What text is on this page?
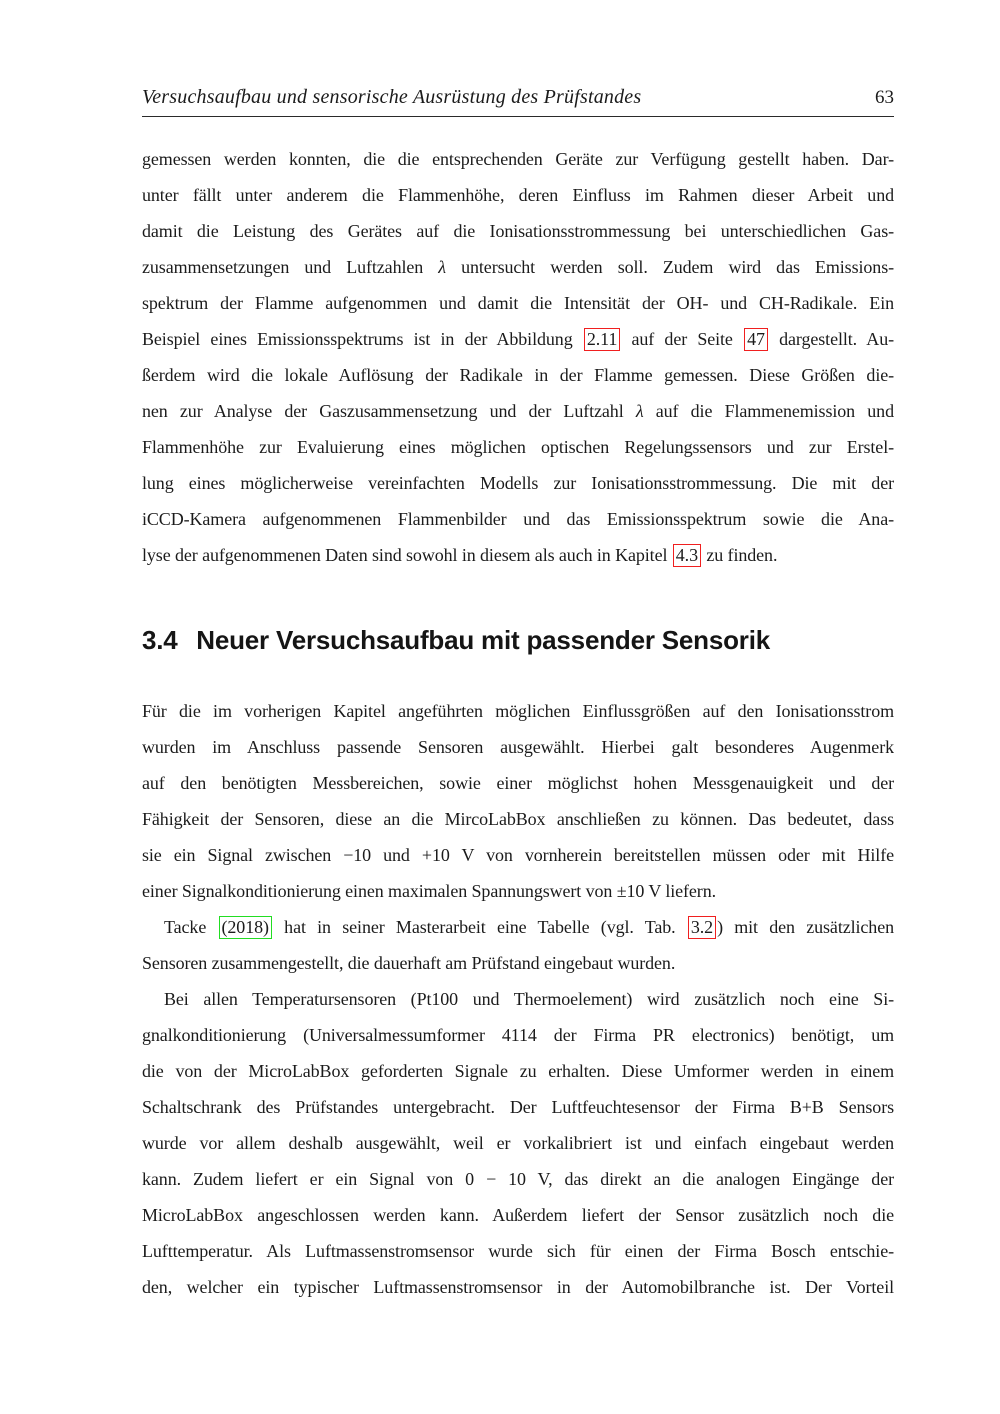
Versuchsaufbau und sensorische Ausrüstung des Prüfstandes	63
gemessen werden konnten, die die entsprechenden Geräte zur Verfügung gestellt haben. Dar-
unter fällt unter anderem die Flammenhöhe, deren Einfluss im Rahmen dieser Arbeit und
damit die Leistung des Gerätes auf die Ionisationsstrommessung bei unterschiedlichen Gas-
zusammensetzungen und Luftzahlen λ untersucht werden soll. Zudem wird das Emissions-
spektrum der Flamme aufgenommen und damit die Intensität der OH- und CH-Radikale. Ein
Beispiel eines Emissionsspektrums ist in der Abbildung 2.11 auf der Seite 47 dargestellt. Au-
ßerdem wird die lokale Auflösung der Radikale in der Flamme gemessen. Diese Größen die-
nen zur Analyse der Gaszusammensetzung und der Luftzahl λ auf die Flammenemission und
Flammenhöhe zur Evaluierung eines möglichen optischen Regelungssensors und zur Erstel-
lung eines möglicherweise vereinfachten Modells zur Ionisationsstrommessung. Die mit der
iCCD-Kamera aufgenommenen Flammenbilder und das Emissionsspektrum sowie die Ana-
lyse der aufgenommenen Daten sind sowohl in diesem als auch in Kapitel 4.3 zu finden.
3.4 Neuer Versuchsaufbau mit passender Sensorik
Für die im vorherigen Kapitel angeführten möglichen Einflussgrößen auf den Ionisationsstrom
wurden im Anschluss passende Sensoren ausgewählt. Hierbei galt besonderes Augenmerk
auf den benötigten Messbereichen, sowie einer möglichst hohen Messgenauigkeit und der
Fähigkeit der Sensoren, diese an die MircoLabBox anschließen zu können. Das bedeutet, dass
sie ein Signal zwischen −10 und +10 V von vornherein bereitstellen müssen oder mit Hilfe
einer Signalkonditionierung einen maximalen Spannungswert von ±10 V liefern.
Tacke (2018) hat in seiner Masterarbeit eine Tabelle (vgl. Tab. 3.2 ) mit den zusätzlichen
Sensoren zusammengestellt, die dauerhaft am Prüfstand eingebaut wurden.
Bei allen Temperatursensoren (Pt100 und Thermoelement) wird zusätzlich noch eine Si-
gnalkonditionierung (Universalmessumformer 4114 der Firma PR electronics) benötigt, um
die von der MicroLabBox geforderten Signale zu erhalten. Diese Umformer werden in einem
Schaltschrank des Prüfstandes untergebracht. Der Luftfeuchtesensor der Firma B+B Sensors
wurde vor allem deshalb ausgewählt, weil er vorkalibriert ist und einfach eingebaut werden
kann. Zudem liefert er ein Signal von 0 − 10 V, das direkt an die analogen Eingänge der
MicroLabBox angeschlossen werden kann. Außerdem liefert der Sensor zusätzlich noch die
Lufttemperatur. Als Luftmassenstromsensor wurde sich für einen der Firma Bosch entschie-
den, welcher ein typischer Luftmassenstromsensor in der Automobilbranche ist. Der Vorteil
